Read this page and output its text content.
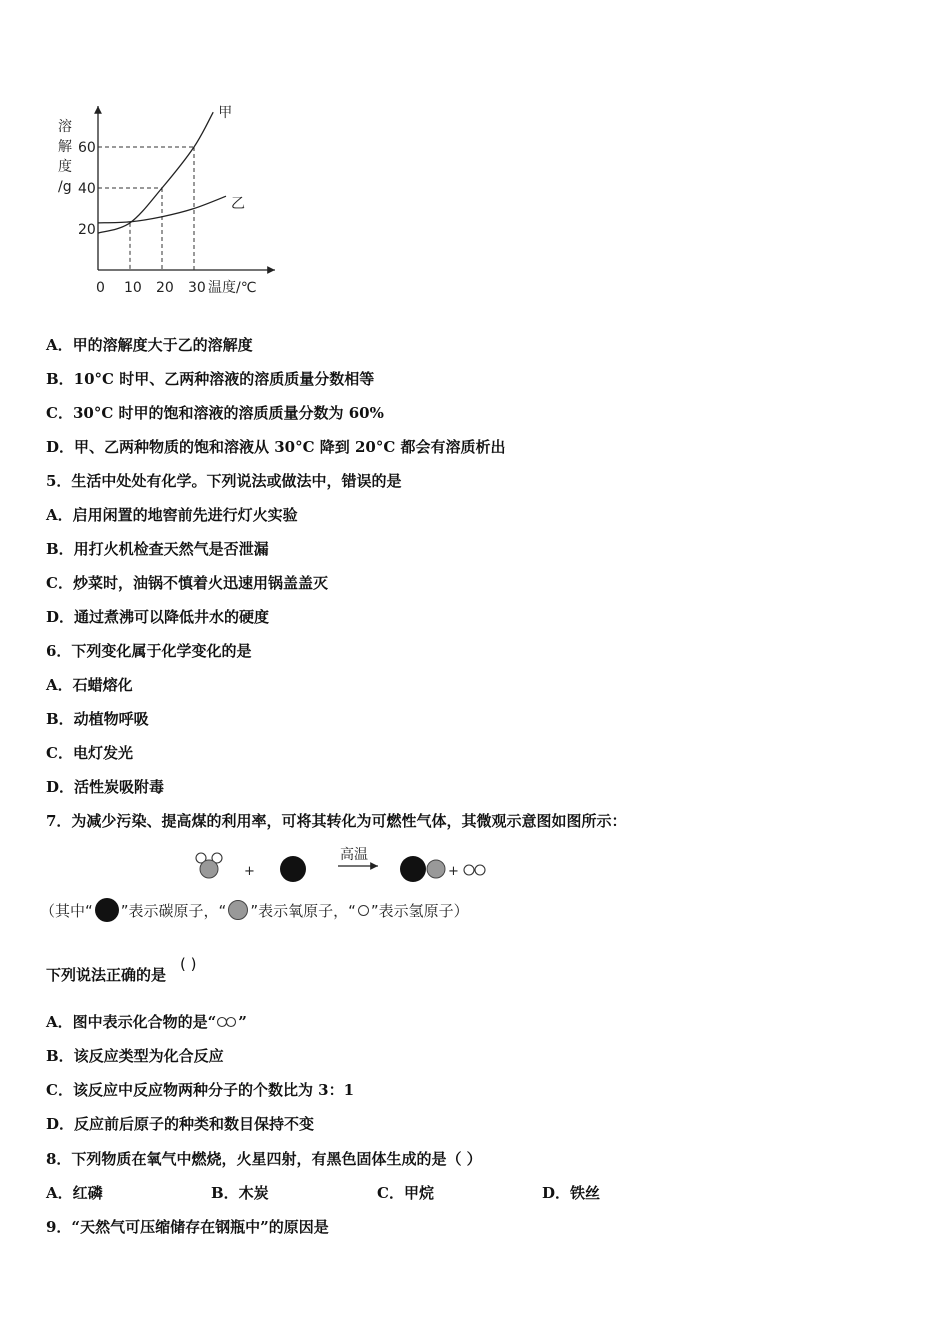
溶
解
度
/g
60
40
20
0 10 20 30 温度/℃
甲
乙
A．甲的溶解度大于乙的溶解度
B．10°C 时甲、乙两种溶液的溶质质量分数相等
C．30°C 时甲的饱和溶液的溶质质量分数为 60%
D．甲、乙两种物质的饱和溶液从 30°C 降到 20°C 都会有溶质析出
5．生活中处处有化学。下列说法或做法中，错误的是
A．启用闲置的地窖前先进行灯火实验
B．用打火机检查天然气是否泄漏
C．炒菜时，油锅不慎着火迅速用锅盖盖灭
D．通过煮沸可以降低井水的硬度
6．下列变化属于化学变化的是
A．石蜡熔化
B．动植物呼吸
C．电灯发光
D．活性炭吸附毒
7．为减少污染、提高煤的利用率，可将其转化为可燃性气体，其微观示意图如图所示：
+
高温
+
（其中“ ”表示碳原子，“ ”表示氧原子，“ ”表示氢原子）
下列说法正确的是
( )
A．图中表示化合物的是“ ”
B．该反应类型为化合反应
C．该反应中反应物两种分子的个数比为 3：1
D．反应前后原子的种类和数目保持不变
8．下列物质在氧气中燃烧，火星四射，有黑色固体生成的是（ ）
A．红磷	B．木炭	C．甲烷	D．铁丝
9．“天然气可压缩储存在钢瓶中”的原因是
